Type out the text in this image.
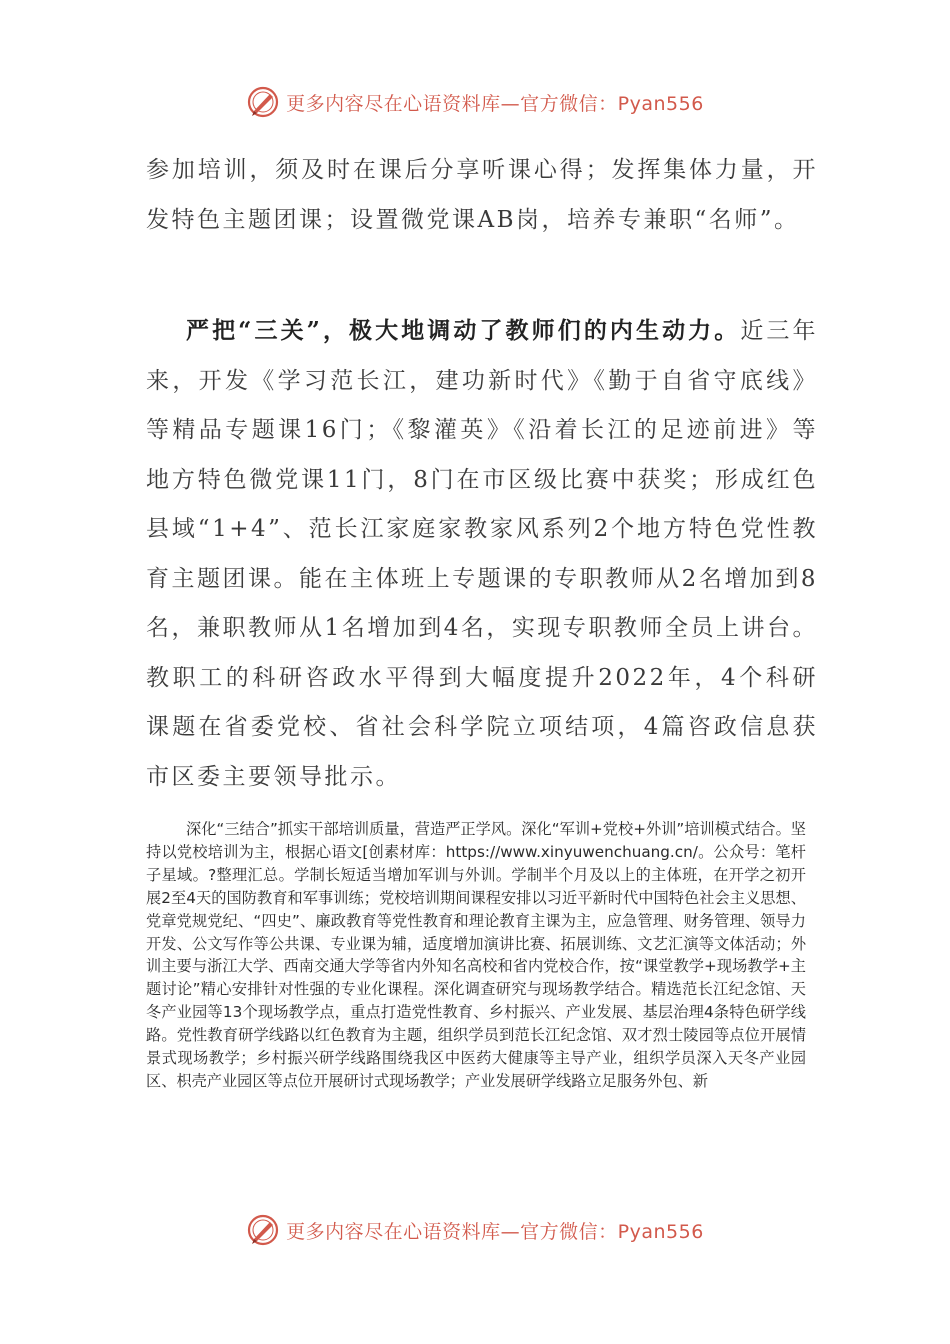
更多内容尽在心语资料库—官方微信：Pyan556
参加培训，须及时在课后分享听课心得；发挥集体力量，开发特色主题团课；设置微党课AB岗，培养专兼职“名师”。
严把“三关”，极大地调动了教师们的内生动力。近三年来，开发《学习范长江，建功新时代》《勤于自省守底线》等精品专题课16门；《黎灌英》《沿着长江的足迹前进》等地方特色微党课11门，8门在市区级比赛中获奖；形成红色县域“1+4”、范长江家庭家教家风系列2个地方特色党性教育主题团课。能在主体班上专题课的专职教师从2名增加到8名，兼职教师从1名增加到4名，实现专职教师全员上讲台。教职工的科研咨政水平得到大幅度提升2022年，4个科研课题在省委党校、省社会科学院立项结项，4篇咨政信息获市区委主要领导批示。
深化“三结合”抓实干部培训质量，营造严正学风。深化“军训+党校+外训”培训模式结合。坚持以党校培训为主，根据心语文[创素材库：https://www.xinyuwenchuang.cn/。公众号：笔杆子星域。?整理汇总。学制长短适当增加军训与外训。学制半个月及以上的主体班，在开学之初开展2至4天的国防教育和军事训练；党校培训期间课程安排以习近平新时代中国特色社会主义思想、党章党规党纪、“四史”、廉政教育等党性教育和理论教育主课为主，应急管理、财务管理、领导力开发、公文写作等公共课、专业课为辅，适度增加演讲比赛、拓展训练、文艺汇演等文体活动；外训主要与浙江大学、西南交通大学等省内外知名高校和省内党校合作，按“课堂教学+现场教学+主题讨论”精心安排针对性强的专业化课程。深化调查研究与现场教学结合。精选范长江纪念馆、天冬产业园等13个现场教学点，重点打造党性教育、乡村振兴、产业发展、基层治理4条特色研学线路。党性教育研学线路以红色教育为主题，组织学员到范长江纪念馆、双才烈士陵园等点位开展情景式现场教学；乡村振兴研学线路围绕我区中医药大健康等主导产业，组织学员深入天冬产业园区、枳壳产业园区等点位开展研讨式现场教学；产业发展研学线路立足服务外包、新
更多内容尽在心语资料库—官方微信：Pyan556
